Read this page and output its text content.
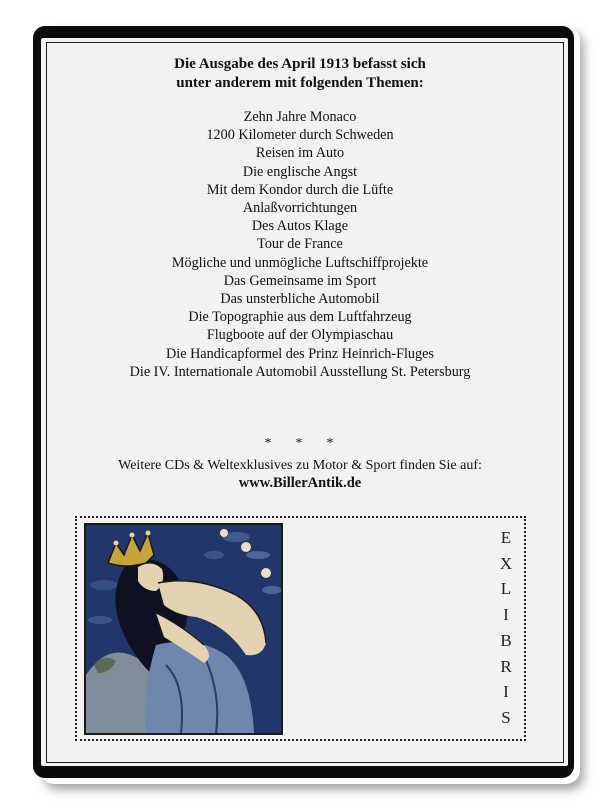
Die Ausgabe des April 1913 befasst sich
unter anderem mit folgenden Themen:
Zehn Jahre Monaco
1200 Kilometer durch Schweden
Reisen im Auto
Die englische Angst
Mit dem Kondor durch die Lüfte
Anlaßvorrichtungen
Des Autos Klage
Tour de France
Mögliche und unmögliche Luftschiffprojekte
Das Gemeinsame im Sport
Das unsterbliche Automobil
Die Topographie aus dem Luftfahrzeug
Flugboote auf der Olympiaschau
Die Handicapformel des Prinz Heinrich-Fluges
Die IV. Internationale Automobil Ausstellung St. Petersburg
*    *    *
Weitere CDs & Weltexklusives zu Motor & Sport finden Sie auf:
www.BillerAntik.de
E
X
L
I
B
R
I
S
